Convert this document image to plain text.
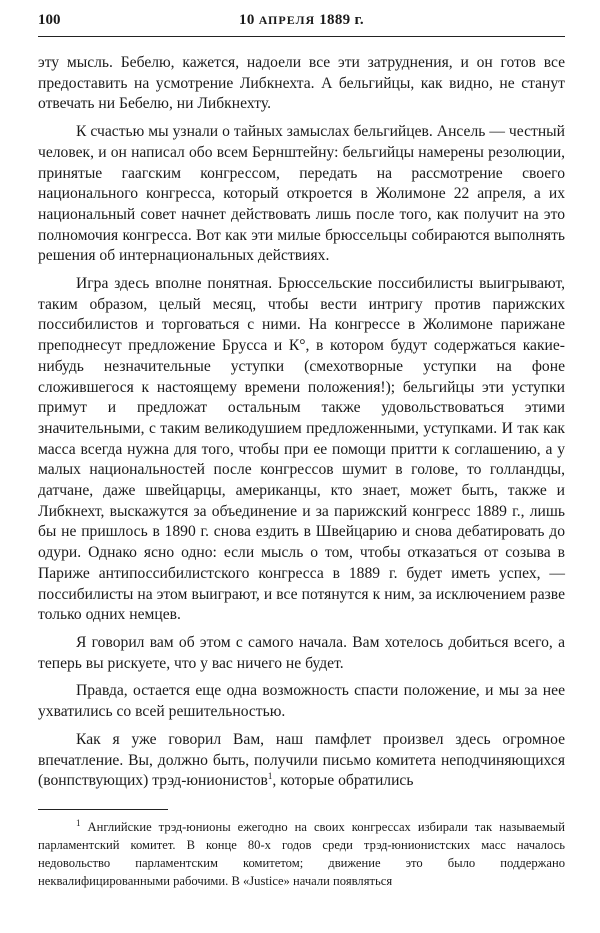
100	10 АПРЕЛЯ 1889 г.

эту мысль. Бебелю, кажется, надоели все эти затруднения, и он готов все предоставить на усмотрение Либкнехта. А бельгийцы, как видно, не станут отвечать ни Бебелю, ни Либкнехту.

К счастью мы узнали о тайных замыслах бельгийцев. Ансель — честный человек, и он написал обо всем Бернштейну: бельгийцы намерены резолюции, принятые гаагским конгрессом, передать на рассмотрение своего национального конгресса, который откроется в Жолимоне 22 апреля, а их национальный совет начнет действовать лишь после того, как получит на это полномочия конгресса. Вот как эти милые брюссельцы собираются выполнять решения об интернациональных действиях.

Игра здесь вполне понятная. Брюссельские поссибилисты выигрывают, таким образом, целый месяц, чтобы вести интригу против парижских поссибилистов и торговаться с ними. На конгрессе в Жолимоне парижане преподнесут предложение Брусса и К°, в котором будут содержаться какие-нибудь незначительные уступки (смехотворные уступки на фоне сложившегося к настоящему времени положения!); бельгийцы эти уступки примут и предложат остальным также удовольствоваться этими значительными, с таким великодушием предложенными, уступками. И так как масса всегда нужна для того, чтобы при ее помощи притти к соглашению, а у малых национальностей после конгрессов шумит в голове, то голландцы, датчане, даже швейцарцы, американцы, кто знает, может быть, также и Либкнехт, выскажутся за объединение и за парижский конгресс 1889 г., лишь бы не пришлось в 1890 г. снова ездить в Швейцарию и снова дебатировать до одури. Однако ясно одно: если мысль о том, чтобы отказаться от созыва в Париже антипоссибилистского конгресса в 1889 г. будет иметь успех, — поссибилисты на этом выиграют, и все потянутся к ним, за исключением разве только одних немцев.

Я говорил вам об этом с самого начала. Вам хотелось добиться всего, а теперь вы рискуете, что у вас ничего не будет.

Правда, остается еще одна возможность спасти положение, и мы за нее ухватились со всей решительностью.

Как я уже говорил Вам, наш памфлет произвел здесь огромное впечатление. Вы, должно быть, получили письмо комитета неподчиняющихся (вонпствующих) трэд-юнионистов$^1$, которые обратились

$^1$ Английские трэд-юнионы ежегодно на своих конгрессах избирали так называемый парламентский комитет. В конце 80-х годов среди трэд-юнионистских масс началось недовольство парламентским комитетом; движение это было поддержано неквалифицированными рабочими. В «Justice» начали появляться
